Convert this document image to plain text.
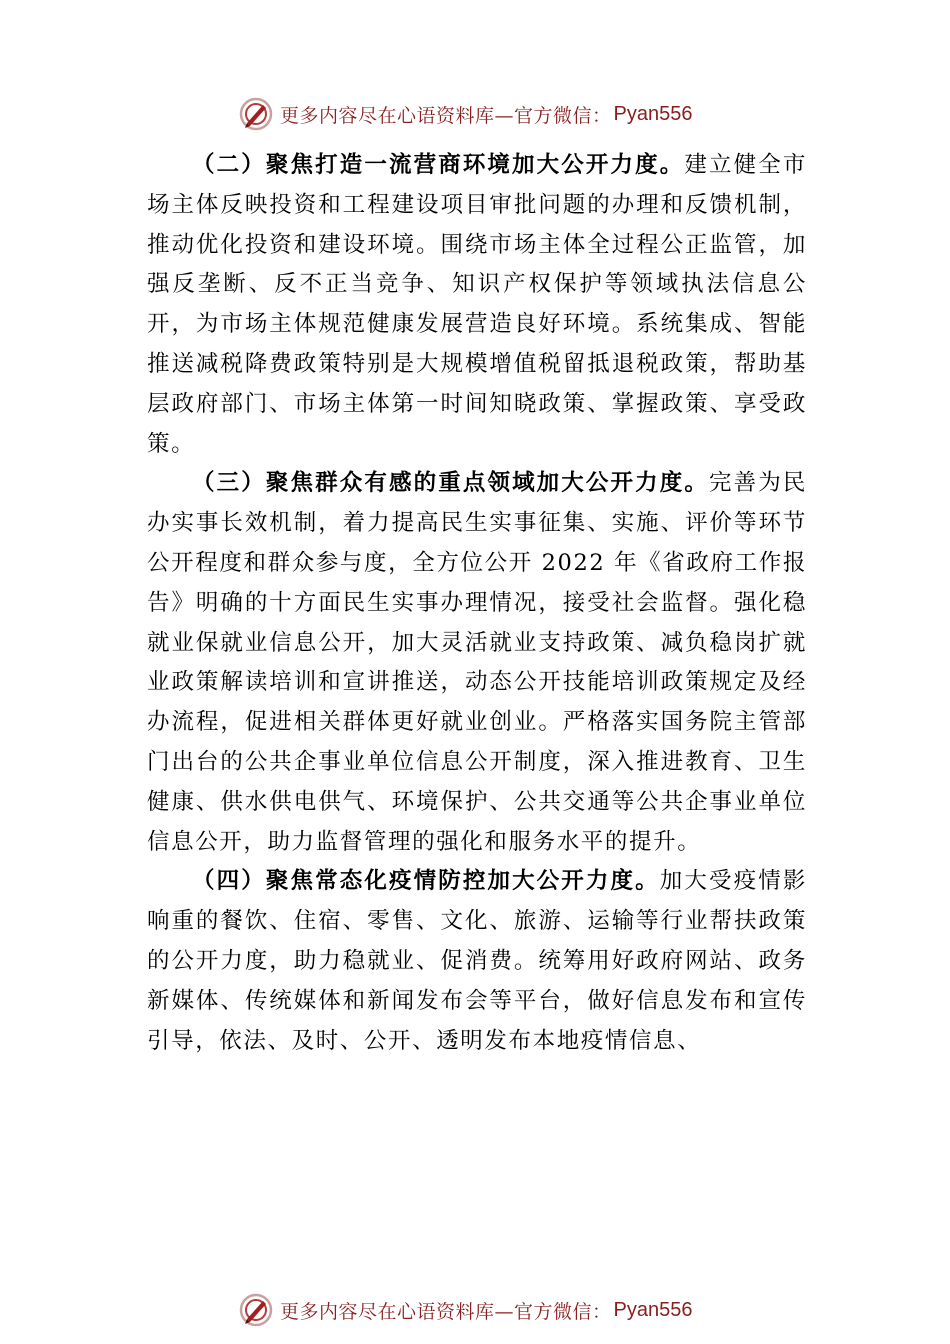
更多内容尽在心语资料库—官方微信： Pyan556

（二）聚焦打造一流营商环境加大公开力度。建立健全市场主体反映投资和工程建设项目审批问题的办理和反馈机制，推动优化投资和建设环境。围绕市场主体全过程公正监管，加强反垄断、反不正当竞争、知识产权保护等领域执法信息公开，为市场主体规范健康发展营造良好环境。系统集成、智能推送减税降费政策特别是大规模增值税留抵退税政策，帮助基层政府部门、市场主体第一时间知晓政策、掌握政策、享受政策。

（三）聚焦群众有感的重点领域加大公开力度。完善为民办实事长效机制，着力提高民生实事征集、实施、评价等环节公开程度和群众参与度，全方位公开 2022 年《省政府工作报告》明确的十方面民生实事办理情况，接受社会监督。强化稳就业保就业信息公开，加大灵活就业支持政策、减负稳岗扩就业政策解读培训和宣讲推送，动态公开技能培训政策规定及经办流程，促进相关群体更好就业创业。严格落实国务院主管部门出台的公共企事业单位信息公开制度，深入推进教育、卫生健康、供水供电供气、环境保护、公共交通等公共企事业单位信息公开，助力监督管理的强化和服务水平的提升。

（四）聚焦常态化疫情防控加大公开力度。加大受疫情影响重的餐饮、住宿、零售、文化、旅游、运输等行业帮扶政策的公开力度，助力稳就业、促消费。统筹用好政府网站、政务新媒体、传统媒体和新闻发布会等平台，做好信息发布和宣传引导，依法、及时、公开、透明发布本地疫情信息、

更多内容尽在心语资料库—官方微信： Pyan556
